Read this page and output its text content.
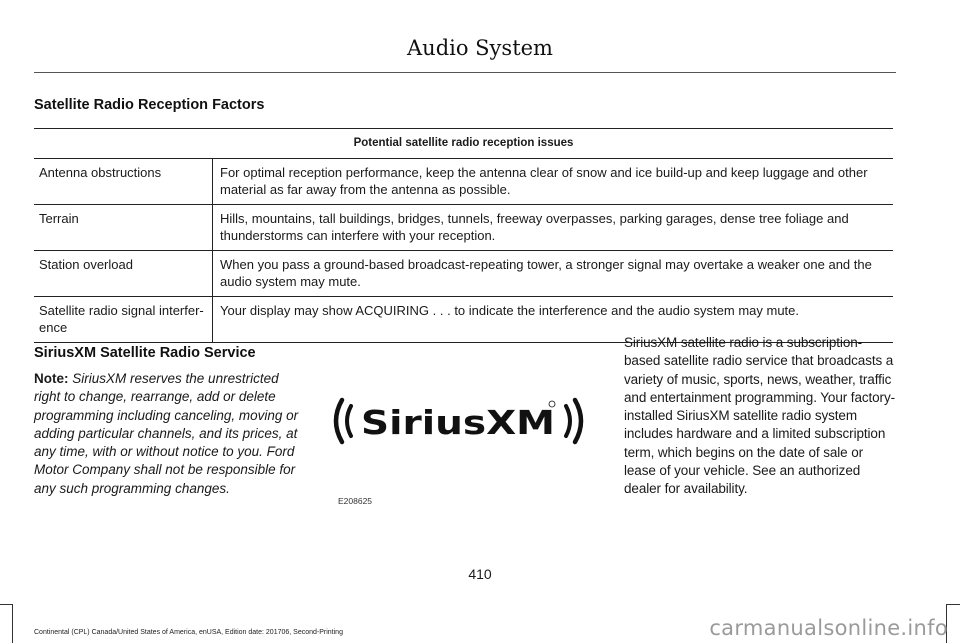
Audio System
Satellite Radio Reception Factors
Potential satellite radio reception issues	
Antenna obstructions	For optimal reception performance, keep the antenna clear of snow and ice build-up and keep luggage and other material as far away from the antenna as possible.
Terrain	Hills, mountains, tall buildings, bridges, tunnels, freeway overpasses, parking garages, dense tree foliage and thunderstorms can interfere with your reception.
Station overload	When you pass a ground-based broadcast-repeating tower, a stronger signal may overtake a weaker one and the audio system may mute.
Satellite radio signal interfer-ence	Your display may show ACQUIRING . . . to indicate the interference and the audio system may mute.
SiriusXM Satellite Radio Service
Note: SiriusXM reserves the unrestricted right to change, rearrange, add or delete programming including canceling, moving or adding particular channels, and its prices, at any time, with or without notice to you. Ford Motor Company shall not be responsible for any such programming changes.
SiriusXM
E208625
SiriusXM satellite radio is a subscription-based satellite radio service that broadcasts a variety of music, sports, news, weather, traffic and entertainment programming. Your factory-installed SiriusXM satellite radio system includes hardware and a limited subscription term, which begins on the date of sale or lease of your vehicle. See an authorized dealer for availability.
410
Continental (CPL) Canada/United States of America, enUSA, Edition date: 201706, Second-Printing	carmanualsonline.info
